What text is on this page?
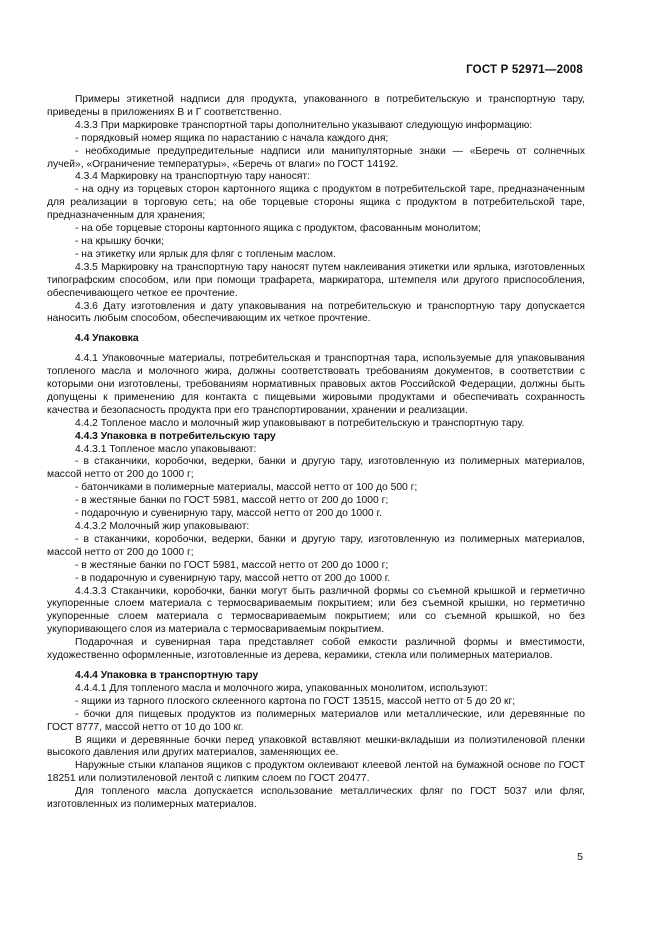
ГОСТ Р 52971—2008

Примеры этикетной надписи для продукта, упакованного в потребительскую и транспортную тару, приведены в приложениях В и Г соответственно.

4.3.3 При маркировке транспортной тары дополнительно указывают следующую информацию:

- порядковый номер ящика по нарастанию с начала каждого дня;

- необходимые предупредительные надписи или манипуляторные знаки — «Беречь от солнечных лучей», «Ограничение температуры», «Беречь от влаги» по ГОСТ 14192.

4.3.4 Маркировку на транспортную тару наносят:

- на одну из торцевых сторон картонного ящика с продуктом в потребительской таре, предназначенным для реализации в торговую сеть; на обе торцевые стороны ящика с продуктом в потребительской таре, предназначенным для хранения;

- на обе торцевые стороны картонного ящика с продуктом, фасованным монолитом;

- на крышку бочки;

- на этикетку или ярлык для фляг с топленым маслом.

4.3.5 Маркировку на транспортную тару наносят путем наклеивания этикетки или ярлыка, изготовленных типографским способом, или при помощи трафарета, маркиратора, штемпеля или другого приспособления, обеспечивающего четкое ее прочтение.

4.3.6 Дату изготовления и дату упаковывания на потребительскую и транспортную тару допускается наносить любым способом, обеспечивающим их четкое прочтение.

4.4 Упаковка

4.4.1 Упаковочные материалы, потребительская и транспортная тара, используемые для упаковывания топленого масла и молочного жира, должны соответствовать требованиям документов, в соответствии с которыми они изготовлены, требованиям нормативных правовых актов Российской Федерации, должны быть допущены к применению для контакта с пищевыми жировыми продуктами и обеспечивать сохранность качества и безопасность продукта при его транспортировании, хранении и реализации.

4.4.2 Топленое масло и молочный жир упаковывают в потребительскую и транспортную тару.

4.4.3 Упаковка в потребительскую тару

4.4.3.1 Топленое масло упаковывают:

- в стаканчики, коробочки, ведерки, банки и другую тару, изготовленную из полимерных материалов, массой нетто от 200 до 1000 г;

- батончиками в полимерные материалы, массой нетто от 100 до 500 г;

- в жестяные банки по ГОСТ 5981, массой нетто от 200 до 1000 г;

- подарочную и сувенирную тару, массой нетто от 200 до 1000 г.

4.4.3.2 Молочный жир упаковывают:

- в стаканчики, коробочки, ведерки, банки и другую тару, изготовленную из полимерных материалов, массой нетто от 200 до 1000 г;

- в жестяные банки по ГОСТ 5981, массой нетто от 200 до 1000 г;

- в подарочную и сувенирную тару, массой нетто от 200 до 1000 г.

4.4.3.3 Стаканчики, коробочки, банки могут быть различной формы со съемной крышкой и герметично укупоренные слоем материала с термосвариваемым покрытием; или без съемной крышки, но герметично укупоренные слоем материала с термосвариваемым покрытием; или со съемной крышкой, но без укупоривающего слоя из материала с термосвариваемым покрытием.

Подарочная и сувенирная тара представляет собой емкости различной формы и вместимости, художественно оформленные, изготовленные из дерева, керамики, стекла или полимерных материалов.

4.4.4 Упаковка в транспортную тару

4.4.4.1 Для топленого масла и молочного жира, упакованных монолитом, используют:

- ящики из тарного плоского склеенного картона по ГОСТ 13515, массой нетто от 5 до 20 кг;

- бочки для пищевых продуктов из полимерных материалов или металлические, или деревянные по ГОСТ 8777, массой нетто от 10 до 100 кг.

В ящики и деревянные бочки перед упаковкой вставляют мешки-вкладыши из полиэтиленовой пленки высокого давления или других материалов, заменяющих ее.

Наружные стыки клапанов ящиков с продуктом оклеивают клеевой лентой на бумажной основе по ГОСТ 18251 или полиэтиленовой лентой с липким слоем по ГОСТ 20477.

Для топленого масла допускается использование металлических фляг по ГОСТ 5037 или фляг, изготовленных из полимерных материалов.

5
